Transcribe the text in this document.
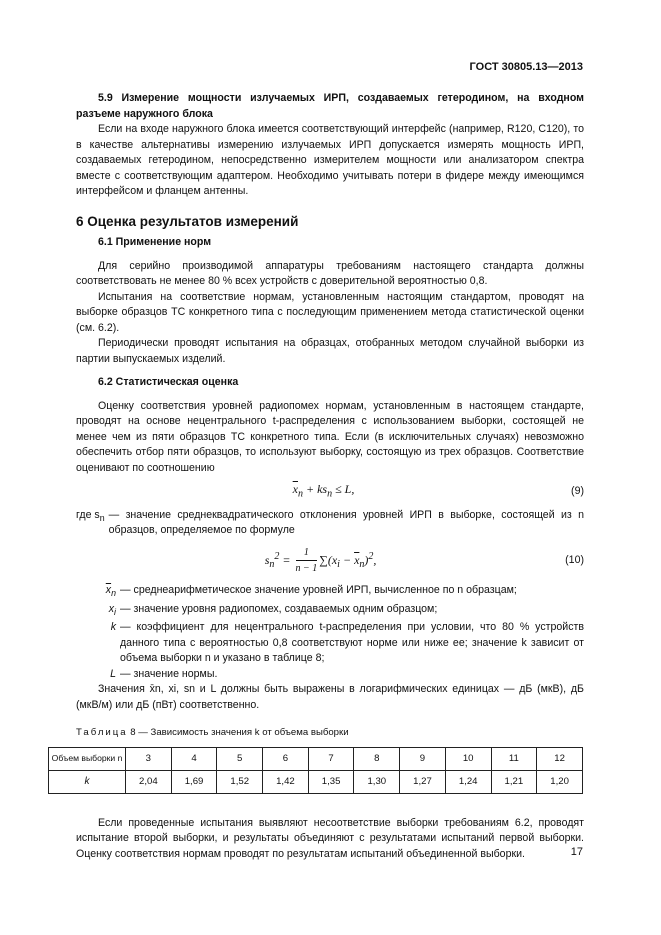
ГОСТ 30805.13—2013

5.9 Измерение мощности излучаемых ИРП, создаваемых гетеродином, на входном разъеме наружного блока

Если на входе наружного блока имеется соответствующий интерфейс (например, R120, C120), то в качестве альтернативы измерению излучаемых ИРП допускается измерять мощность ИРП, создаваемых гетеродином, непосредственно измерителем мощности или анализатором спектра вместе с соответствующим адаптером. Необходимо учитывать потери в фидере между имеющимся интерфейсом и фланцем антенны.

6 Оценка результатов измерений

6.1 Применение норм

Для серийно производимой аппаратуры требованиям настоящего стандарта должны соответствовать не менее 80 % всех устройств с доверительной вероятностью 0,8.

Испытания на соответствие нормам, установленным настоящим стандартом, проводят на выборке образцов ТС конкретного типа с последующим применением метода статистической оценки (см. 6.2).

Периодически проводят испытания на образцах, отобранных методом случайной выборки из партии выпускаемых изделий.

6.2 Статистическая оценка

Оценку соответствия уровней радиопомех нормам, установленным в настоящем стандарте, проводят на основе нецентрального t-распределения с использованием выборки, состоящей не менее чем из пяти образцов ТС конкретного типа. Если (в исключительных случаях) невозможно обеспечить отбор пяти образцов, то используют выборку, состоящую из трех образцов. Соответствие оценивают по соотношению

$\overline{x}_n + ks_n \le L$,	(9)
где $s_n$ — значение среднеквадратического отклонения уровней ИРП в выборке, состоящей из n образцов, определяемое по формуле
$s_n^2 = \frac{1}{n - 1} \sum(x_i - \overline{x}_n)^2$,	(10)
$\overline{x}_n$ — среднеарифметическое значение уровней ИРП, вычисленное по n образцам;
$x_i$ — значение уровня радиопомех, создаваемых одним образцом;
k — коэффициент для нецентрального t-распределения при условии, что 80 % устройств данного типа с вероятностью 0,8 соответствуют норме или ниже ее; значение k зависит от объема выборки n и указано в таблице 8;
L — значение нормы.

Значения x̄n, xi, sn и L должны быть выражены в логарифмических единицах — дБ (мкВ), дБ (мкВ/м) или дБ (пВт) соответственно.

Таблица 8 — Зависимость значения k от объема выборки

Объем выборки n	3	4	5	6	7	8	9	10	11	12
k	2,04	1,69	1,52	1,42	1,35	1,30	1,27	1,24	1,21	1,20

Если проведенные испытания выявляют несоответствие выборки требованиям 6.2, проводят испытание второй выборки, и результаты объединяют с результатами испытаний первой выборки. Оценку соответствия нормам проводят по результатам испытаний объединенной выборки.	17
